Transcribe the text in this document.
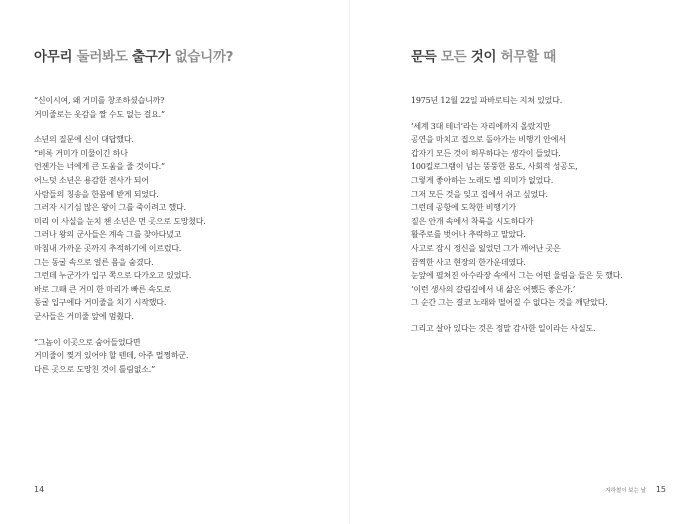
아무리 둘러봐도 출구가 없습니까?
“신이시여, 왜 거미를 창조하셨습니까?
거미줄로는 옷감을 짤 수도 없는 걸요.”
소년의 질문에 신이 대답했다.
“비록 거미가 미물이긴 하나
언젠가는 너에게 큰 도움을 줄 것이다.”
어느덧 소년은 용감한 전사가 되어
사람들의 칭송을 한몸에 받게 되었다.
그러자 시기심 많은 왕이 그를 죽이려고 했다.
미리 이 사실을 눈치 챈 소년은 먼 곳으로 도망쳤다.
그러나 왕의 군사들은 계속 그를 찾아다녔고
마침내 가까운 곳까지 추적하기에 이르렀다.
그는 동굴 속으로 얼른 몸을 숨겼다.
그런데 누군가가 입구 쪽으로 다가오고 있었다.
바로 그때 큰 거미 한 마리가 빠른 속도로
동굴 입구에다 거미줄을 치기 시작했다.
군사들은 거미줄 앞에 멈췄다.
“그놈이 이곳으로 숨어들었다면
거미줄이 찢겨 있어야 할 텐데, 아주 멀쩡하군.
다른 곳으로 도망친 것이 틀림없소.”
14
문득 모든 것이 허무할 때
1975년 12월 22일 파바로티는 지쳐 있었다.
‘세계 3대 테너’라는 자리에까지 올랐지만
공연을 마치고 집으로 돌아가는 비행기 안에서
갑자기 모든 것이 허무하다는 생각이 들었다.
100킬로그램이 넘는 뚱뚱한 몸도, 사회적 성공도,
그렇게 좋아하는 노래도 별 의미가 없었다.
그저 모든 것을 잊고 집에서 쉬고 싶었다.
그런데 공항에 도착한 비행기가
짙은 안개 속에서 착륙을 시도하다가
활주로를 벗어나 추락하고 말았다.
사고로 잠시 정신을 잃었던 그가 깨어난 곳은
끔찍한 사고 현장의 한가운데였다.
눈앞에 펼쳐진 아수라장 속에서 그는 어떤 울림을 들은 듯 했다.
‘이런 생사의 갈림길에서 내 삶은 어쨌든 좋은가.’
그 순간 그는 결코 노래와 떨어질 수 없다는 것을 깨닫았다.
그리고 살아 있다는 것은 정말 감사한 일이라는 사실도.
지하철이 보는 날 15
